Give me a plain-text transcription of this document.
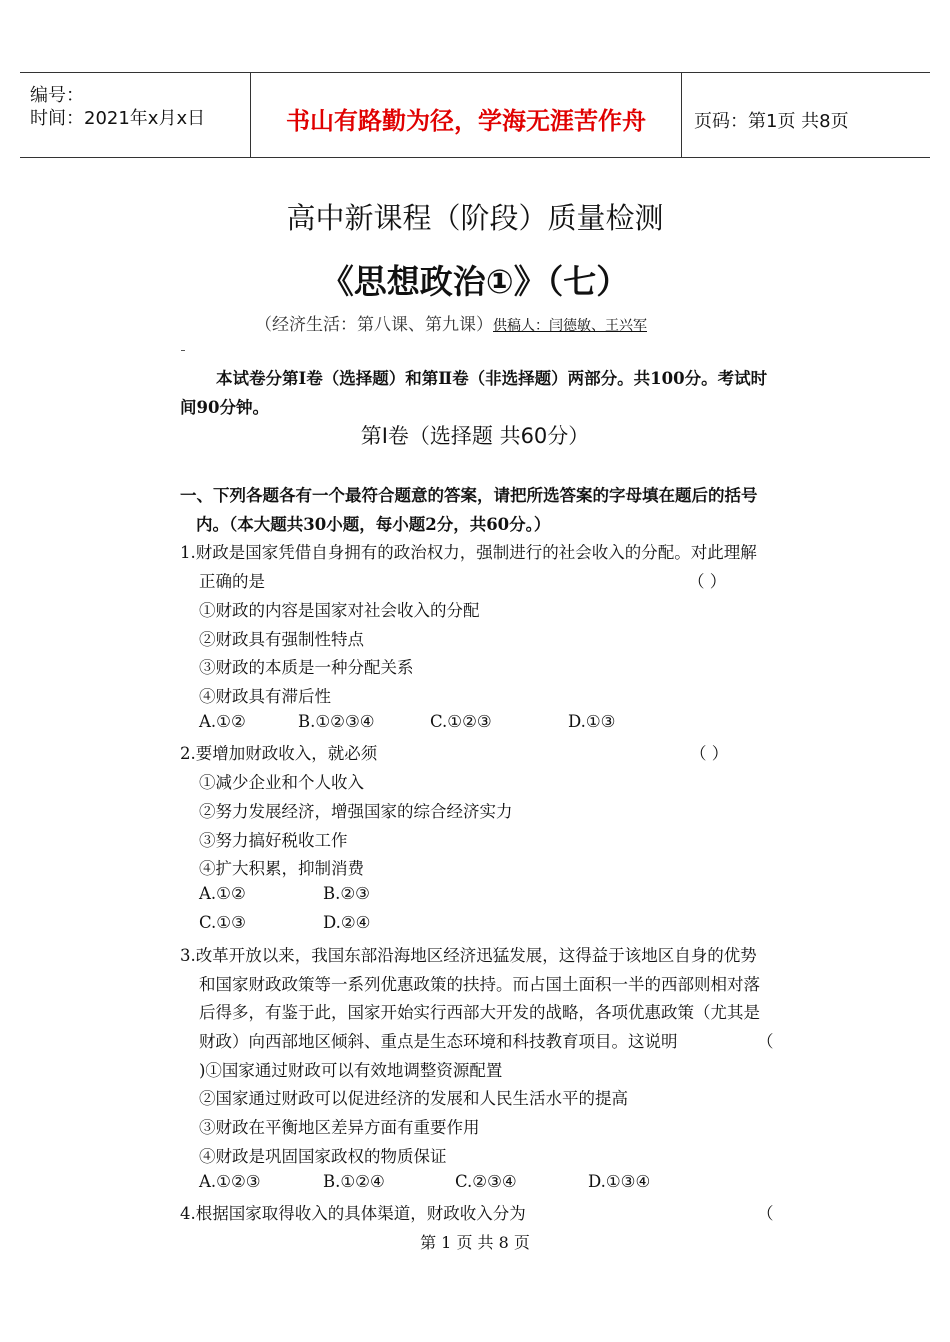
编号：
时间：2021年x月x日	书山有路勤为径，学海无涯苦作舟	页码：第1页 共8页
高中新课程（阶段）质量检测
《思想政治①》（七）
（经济生活：第八课、第九课）供稿人：闫德敏、王兴军
本试卷分第Ⅰ卷（选择题）和第Ⅱ卷（非选择题）两部分。共100分。考试时间90分钟。
第Ⅰ卷（选择题 共60分）
一、下列各题各有一个最符合题意的答案，请把所选答案的字母填在题后的括号
内。（本大题共30小题，每小题2分，共60分。）
1.财政是国家凭借自身拥有的政治权力，强制进行的社会收入的分配。对此理解
正确的是	（ ）
①财政的内容是国家对社会收入的分配
②财政具有强制性特点
③财政的本质是一种分配关系
④财政具有滞后性
A.①②	B.①②③④	C.①②③	D.①③
2.要增加财政收入，就必须	（ ）
①减少企业和个人收入
②努力发展经济，增强国家的综合经济实力
③努力搞好税收工作
④扩大积累，抑制消费
A.①②	B.②③
C.①③	D.②④
3.改革开放以来，我国东部沿海地区经济迅猛发展，这得益于该地区自身的优势
和国家财政政策等一系列优惠政策的扶持。而占国土面积一半的西部则相对落
后得多，有鉴于此，国家开始实行西部大开发的战略，各项优惠政策（尤其是
财政）向西部地区倾斜、重点是生态环境和科技教育项目。这说明	（
)①国家通过财政可以有效地调整资源配置
②国家通过财政可以促进经济的发展和人民生活水平的提高
③财政在平衡地区差异方面有重要作用
④财政是巩固国家政权的物质保证
A.①②③	B.①②④	C.②③④	D.①③④
4.根据国家取得收入的具体渠道，财政收入分为	（
第 1 页 共 8 页
